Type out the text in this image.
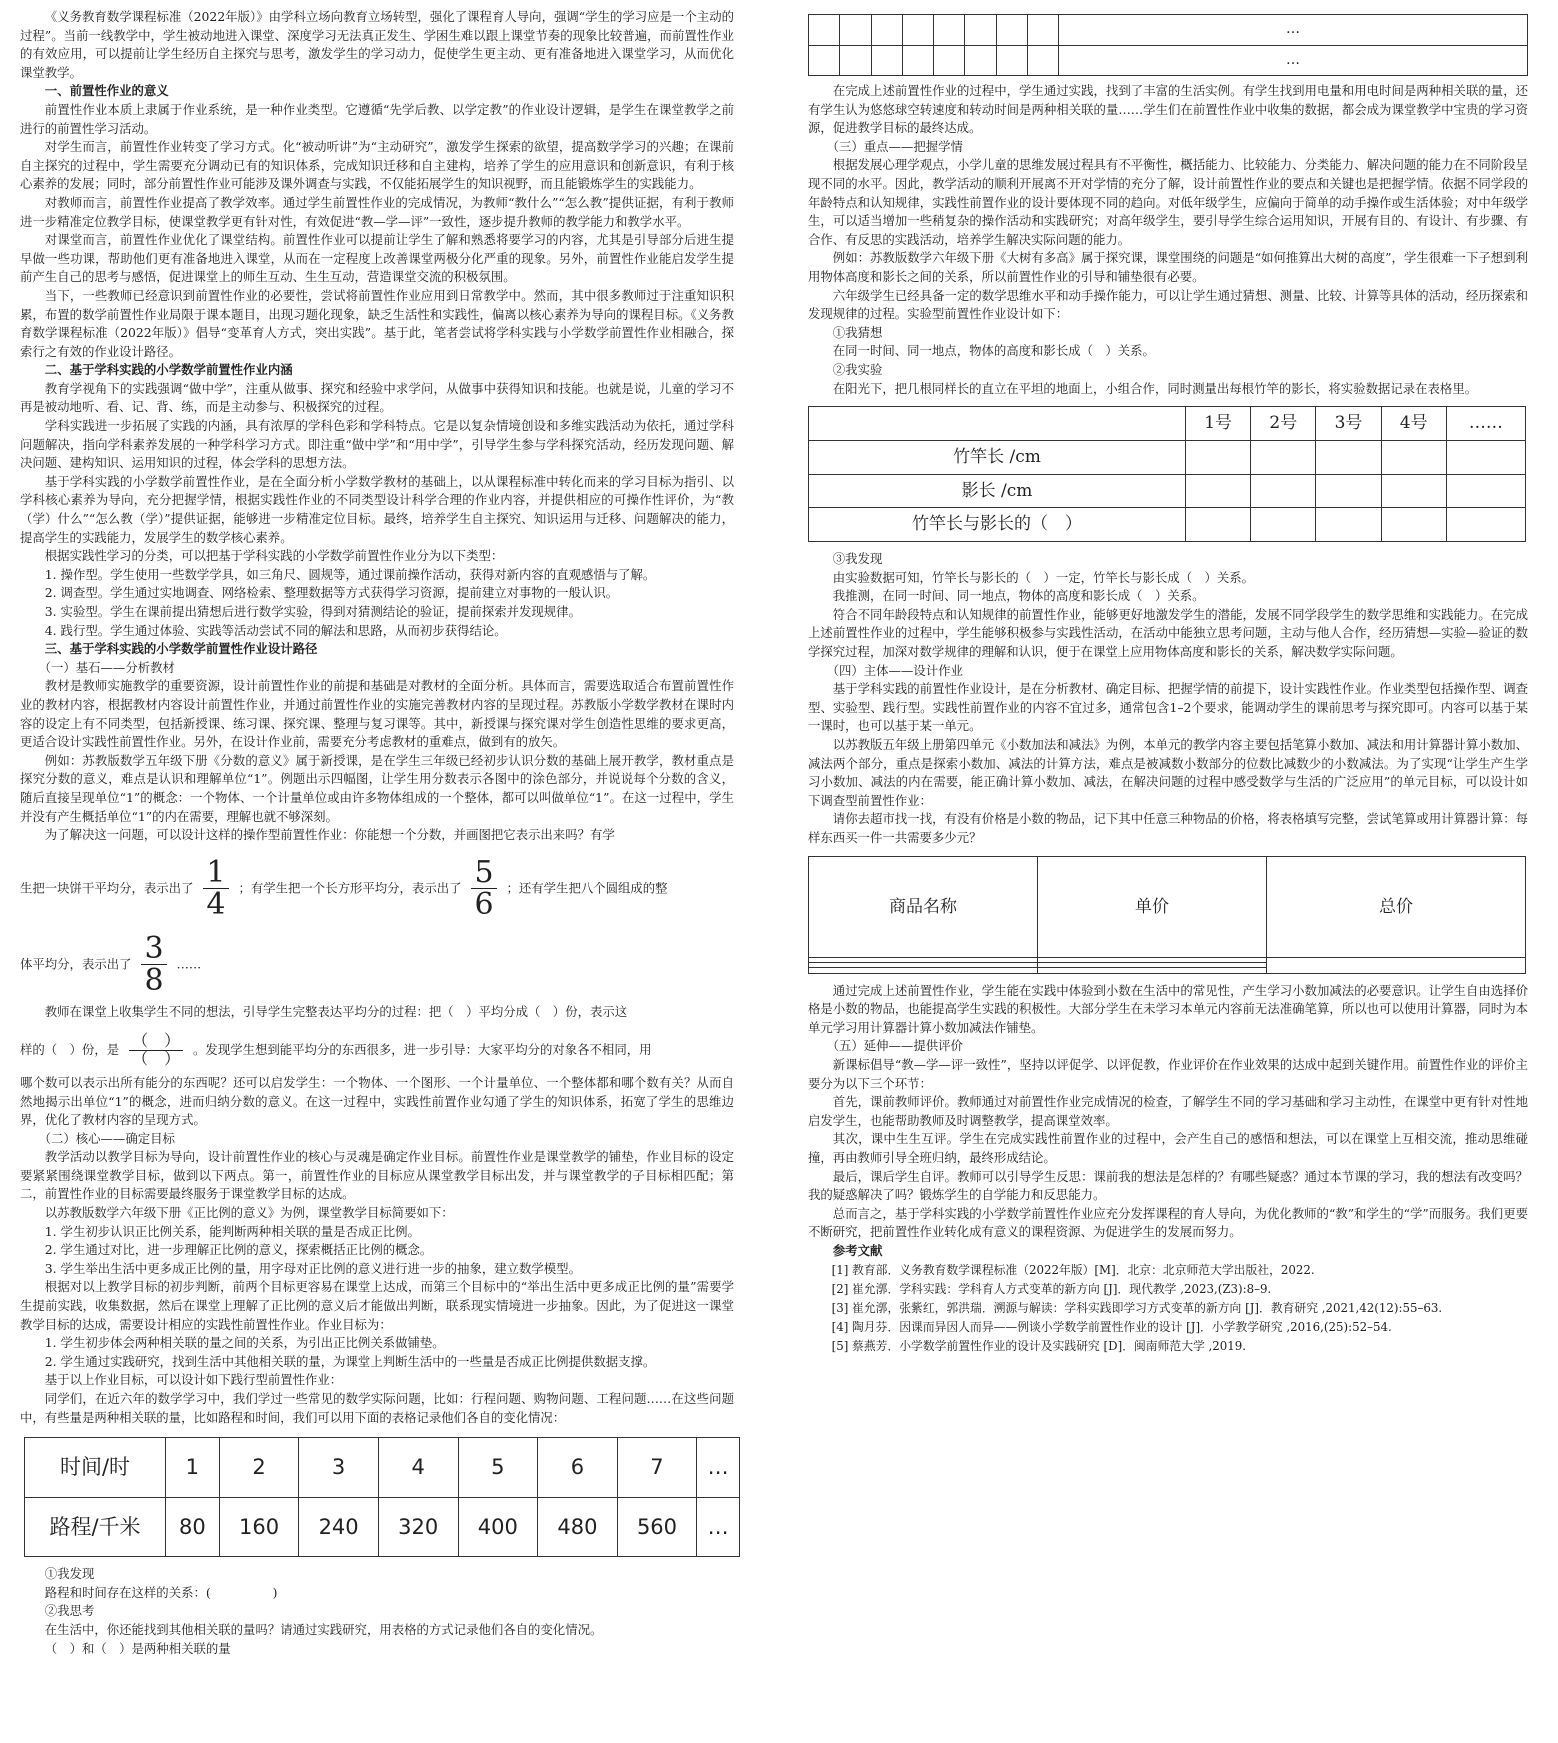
《义务教育数学课程标准（2022年版）》由学科立场向教育立场转型，强化了课程育人导向，强调“学生的学习应是一个主动的过程”。当前一线教学中，学生被动地进入课堂、深度学习无法真正发生、学困生难以跟上课堂节奏的现象比较普遍，而前置性作业的有效应用，可以提前让学生经历自主探究与思考，激发学生的学习动力，促使学生更主动、更有准备地进入课堂学习，从而优化课堂教学。

一、前置性作业的意义

前置性作业本质上隶属于作业系统，是一种作业类型。它遵循“先学后教、以学定教”的作业设计逻辑，是学生在课堂教学之前进行的前置性学习活动。

对学生而言，前置性作业转变了学习方式。化“被动听讲”为“主动研究”，激发学生探索的欲望，提高数学学习的兴趣；在课前自主探究的过程中，学生需要充分调动已有的知识体系，完成知识迁移和自主建构，培养了学生的应用意识和创新意识，有利于核心素养的发展；同时，部分前置性作业可能涉及课外调查与实践，不仅能拓展学生的知识视野，而且能锻炼学生的实践能力。

对教师而言，前置性作业提高了教学效率。通过学生前置性作业的完成情况，为教师“教什么”“怎么教”提供证据，有利于教师进一步精准定位教学目标，使课堂教学更有针对性，有效促进“教—学—评”一致性，逐步提升教师的教学能力和教学水平。

对课堂而言，前置性作业优化了课堂结构。前置性作业可以提前让学生了解和熟悉将要学习的内容，尤其是引导部分后进生提早做一些功课，帮助他们更有准备地进入课堂，从而在一定程度上改善课堂两极分化严重的现象。另外，前置性作业能启发学生提前产生自己的思考与感悟，促进课堂上的师生互动、生生互动，营造课堂交流的积极氛围。

当下，一些教师已经意识到前置性作业的必要性，尝试将前置性作业应用到日常教学中。然而，其中很多教师过于注重知识积累，布置的数学前置性作业局限于课本题目，出现习题化现象，缺乏生活性和实践性，偏离以核心素养为导向的课程目标。《义务教育数学课程标准（2022年版）》倡导“变革育人方式，突出实践”。基于此，笔者尝试将学科实践与小学数学前置性作业相融合，探索行之有效的作业设计路径。

二、基于学科实践的小学数学前置性作业内涵

教育学视角下的实践强调“做中学”，注重从做事、探究和经验中求学问，从做事中获得知识和技能。也就是说，儿童的学习不再是被动地听、看、记、背、练，而是主动参与、积极探究的过程。

学科实践进一步拓展了实践的内涵，具有浓厚的学科色彩和学科特点。它是以复杂情境创设和多维实践活动为依托，通过学科问题解决，指向学科素养发展的一种学科学习方式。即注重“做中学”和“用中学”，引导学生参与学科探究活动，经历发现问题、解决问题、建构知识、运用知识的过程，体会学科的思想方法。

基于学科实践的小学数学前置性作业，是在全面分析小学数学教材的基础上，以从课程标准中转化而来的学习目标为指引、以学科核心素养为导向，充分把握学情，根据实践性作业的不同类型设计科学合理的作业内容，并提供相应的可操作性评价，为“教（学）什么”“怎么教（学）”提供证据，能够进一步精准定位目标。最终，培养学生自主探究、知识运用与迁移、问题解决的能力，提高学生的实践能力，发展学生的数学核心素养。

根据实践性学习的分类，可以把基于学科实践的小学数学前置性作业分为以下类型：

1. 操作型。学生使用一些数学学具，如三角尺、圆规等，通过课前操作活动，获得对新内容的直观感悟与了解。

2. 调查型。学生通过实地调查、网络检索、整理数据等方式获得学习资源，提前建立对事物的一般认识。

3. 实验型。学生在课前提出猜想后进行数学实验，得到对猜测结论的验证，提前探索并发现规律。

4. 践行型。学生通过体验、实践等活动尝试不同的解法和思路，从而初步获得结论。

三、基于学科实践的小学数学前置性作业设计路径

（一）基石——分析教材

教材是教师实施教学的重要资源，设计前置性作业的前提和基础是对教材的全面分析。具体而言，需要选取适合布置前置性作业的教材内容，根据教材内容设计前置性作业，并通过前置性作业的实施完善教材内容的呈现过程。苏教版小学数学教材在课时内容的设定上有不同类型，包括新授课、练习课、探究课、整理与复习课等。其中，新授课与探究课对学生创造性思维的要求更高，更适合设计实践性前置性作业。另外，在设计作业前，需要充分考虑教材的重难点，做到有的放矢。

例如：苏教版数学五年级下册《分数的意义》属于新授课，是在学生三年级已经初步认识分数的基础上展开教学，教材重点是探究分数的意义，难点是认识和理解单位“1”。例题出示四幅图，让学生用分数表示各图中的涂色部分，并说说每个分数的含义，随后直接呈现单位“1”的概念：一个物体、一个计量单位或由许多物体组成的一个整体，都可以叫做单位“1”。在这一过程中，学生并没有产生概括单位“1”的内在需要，理解也就不够深刻。

为了解决这一问题，可以设计这样的操作型前置性作业：你能想一个分数，并画图把它表示出来吗？有学

生把一块饼干平均分，表示出了 $\frac{1}{4}$ ；有学生把一个长方形平均分，表示出了 $\frac{5}{6}$ ；还有学生把八个圆组成的整

体平均分，表示出了 $\frac{3}{8}$ ……

教师在课堂上收集学生不同的想法，引导学生完整表达平均分的过程：把（　）平均分成（　）份，表示这

样的（　）份，是 $\frac{( )}{( )}$ 。发现学生想到能平均分的东西很多，进一步引导：大家平均分的对象各不相同，用

哪个数可以表示出所有能分的东西呢？还可以启发学生：一个物体、一个图形、一个计量单位、一个整体都和哪个数有关？从而自然地揭示出单位“1”的概念，进而归纳分数的意义。在这一过程中，实践性前置作业勾通了学生的知识体系，拓宽了学生的思维边界，优化了教材内容的呈现方式。

（二）核心——确定目标

教学活动以教学目标为导向，设计前置性作业的核心与灵魂是确定作业目标。前置性作业是课堂教学的铺垫，作业目标的设定要紧紧围绕课堂教学目标，做到以下两点。第一，前置性作业的目标应从课堂教学目标出发，并与课堂教学的子目标相匹配；第二，前置性作业的目标需要最终服务于课堂教学目标的达成。

以苏教版数学六年级下册《正比例的意义》为例，课堂教学目标简要如下：

1. 学生初步认识正比例关系，能判断两种相关联的量是否成正比例。

2. 学生通过对比，进一步理解正比例的意义，探索概括正比例的概念。

3. 学生举出生活中更多成正比例的量，用字母对正比例的意义进行进一步的抽象，建立数学模型。

根据对以上教学目标的初步判断，前两个目标更容易在课堂上达成，而第三个目标中的“举出生活中更多成正比例的量”需要学生提前实践，收集数据，然后在课堂上理解了正比例的意义后才能做出判断，联系现实情境进一步抽象。因此，为了促进这一课堂教学目标的达成，需要设计相应的实践性前置性作业。作业目标为：

1. 学生初步体会两种相关联的量之间的关系，为引出正比例关系做铺垫。

2. 学生通过实践研究，找到生活中其他相关联的量，为课堂上判断生活中的一些量是否成正比例提供数据支撑。

基于以上作业目标，可以设计如下践行型前置性作业：

同学们，在近六年的数学学习中，我们学过一些常见的数学实际问题，比如：行程问题、购物问题、工程问题……在这些问题中，有些量是两种相关联的量，比如路程和时间，我们可以用下面的表格记录他们各自的变化情况：

时间/时	1	2	3	4	5	6	7	…
路程/千米	80	160	240	320	400	480	560	…

①我发现

路程和时间存在这样的关系：(　　　　　)

②我思考

在生活中，你还能找到其他相关联的量吗？请通过实践研究，用表格的方式记录他们各自的变化情况。

（　）和（　）是两种相关联的量

								…
								…

在完成上述前置性作业的过程中，学生通过实践，找到了丰富的生活实例。有学生找到用电量和用电时间是两种相关联的量，还有学生认为悠悠球空转速度和转动时间是两种相关联的量……学生们在前置性作业中收集的数据，都会成为课堂教学中宝贵的学习资源，促进教学目标的最终达成。

（三）重点——把握学情

根据发展心理学观点，小学儿童的思维发展过程具有不平衡性，概括能力、比较能力、分类能力、解决问题的能力在不同阶段呈现不同的水平。因此，教学活动的顺利开展离不开对学情的充分了解，设计前置性作业的要点和关键也是把握学情。依据不同学段的年龄特点和认知规律，实践性前置作业的设计要体现不同的趋向。对低年级学生，应偏向于简单的动手操作或生活体验；对中年级学生，可以适当增加一些稍复杂的操作活动和实践研究；对高年级学生，要引导学生综合运用知识，开展有目的、有设计、有步骤、有合作、有反思的实践活动，培养学生解决实际问题的能力。

例如：苏教版数学六年级下册《大树有多高》属于探究课，课堂围绕的问题是“如何推算出大树的高度”，学生很难一下子想到利用物体高度和影长之间的关系，所以前置性作业的引导和铺垫很有必要。

六年级学生已经具备一定的数学思维水平和动手操作能力，可以让学生通过猜想、测量、比较、计算等具体的活动，经历探索和发现规律的过程。实验型前置性作业设计如下：

①我猜想

在同一时间、同一地点，物体的高度和影长成（　）关系。

②我实验

在阳光下，把几根同样长的直立在平坦的地面上，小组合作，同时测量出每根竹竿的影长，将实验数据记录在表格里。

	1号	2号	3号	4号	……
竹竿长 /cm					
影长 /cm					
竹竿长与影长的（　）					

③我发现

由实验数据可知，竹竿长与影长的（　）一定，竹竿长与影长成（　）关系。

我推测，在同一时间、同一地点，物体的高度和影长成（　）关系。

符合不同年龄段特点和认知规律的前置性作业，能够更好地激发学生的潜能，发展不同学段学生的数学思维和实践能力。在完成上述前置性作业的过程中，学生能够积极参与实践性活动，在活动中能独立思考问题，主动与他人合作，经历猜想—实验—验证的数学探究过程，加深对数学规律的理解和认识，便于在课堂上应用物体高度和影长的关系，解决数学实际问题。

（四）主体——设计作业

基于学科实践的前置性作业设计，是在分析教材、确定目标、把握学情的前提下，设计实践性作业。作业类型包括操作型、调查型、实验型、践行型。实践性前置作业的内容不宜过多，通常包含1–2个要求，能调动学生的课前思考与探究即可。内容可以基于某一课时，也可以基于某一单元。

以苏教版五年级上册第四单元《小数加法和减法》为例，本单元的教学内容主要包括笔算小数加、减法和用计算器计算小数加、减法两个部分，重点是探索小数加、减法的计算方法，难点是被减数小数部分的位数比减数少的小数减法。为了实现“让学生产生学习小数加、减法的内在需要，能正确计算小数加、减法，在解决问题的过程中感受数学与生活的广泛应用”的单元目标，可以设计如下调查型前置性作业：

请你去超市找一找，有没有价格是小数的物品，记下其中任意三种物品的价格，将表格填写完整，尝试笔算或用计算器计算：每样东西买一件一共需要多少元？

商品名称	单价	总价

通过完成上述前置性作业，学生能在实践中体验到小数在生活中的常见性，产生学习小数加减法的必要意识。让学生自由选择价格是小数的物品，也能提高学生实践的积极性。大部分学生在未学习本单元内容前无法准确笔算，所以也可以使用计算器，同时为本单元学习用计算器计算小数加减法作铺垫。

（五）延伸——提供评价

新课标倡导“教—学—评一致性”，坚持以评促学、以评促教，作业评价在作业效果的达成中起到关键作用。前置性作业的评价主要分为以下三个环节：

首先，课前教师评价。教师通过对前置性作业完成情况的检查，了解学生不同的学习基础和学习主动性，在课堂中更有针对性地启发学生，也能帮助教师及时调整教学，提高课堂效率。

其次，课中生生互评。学生在完成实践性前置作业的过程中，会产生自己的感悟和想法，可以在课堂上互相交流，推动思维碰撞，再由教师引导全班归纳，最终形成结论。

最后，课后学生自评。教师可以引导学生反思：课前我的想法是怎样的？有哪些疑惑？通过本节课的学习，我的想法有改变吗？我的疑惑解决了吗？锻炼学生的自学能力和反思能力。

总而言之，基于学科实践的小学数学前置性作业应充分发挥课程的育人导向，为优化教师的“教”和学生的“学”而服务。我们更要不断研究，把前置性作业转化成有意义的课程资源、为促进学生的发展而努力。

参考文献

[1] 教育部．义务教育数学课程标准（2022年版）[M]．北京：北京师范大学出版社，2022.

[2] 崔允漷．学科实践：学科育人方式变革的新方向 [J]．现代教学 ,2023,(Z3):8–9.

[3] 崔允漷，张紫红，郭洪瑞．溯源与解读：学科实践即学习方式变革的新方向 [J]．教育研究 ,2021,42(12):55–63.

[4] 陶月芬．因课而异因人而异——例谈小学数学前置性作业的设计 [J]．小学教学研究 ,2016,(25):52–54.

[5] 蔡燕芳．小学数学前置性作业的设计及实践研究 [D]．闽南师范大学 ,2019.
